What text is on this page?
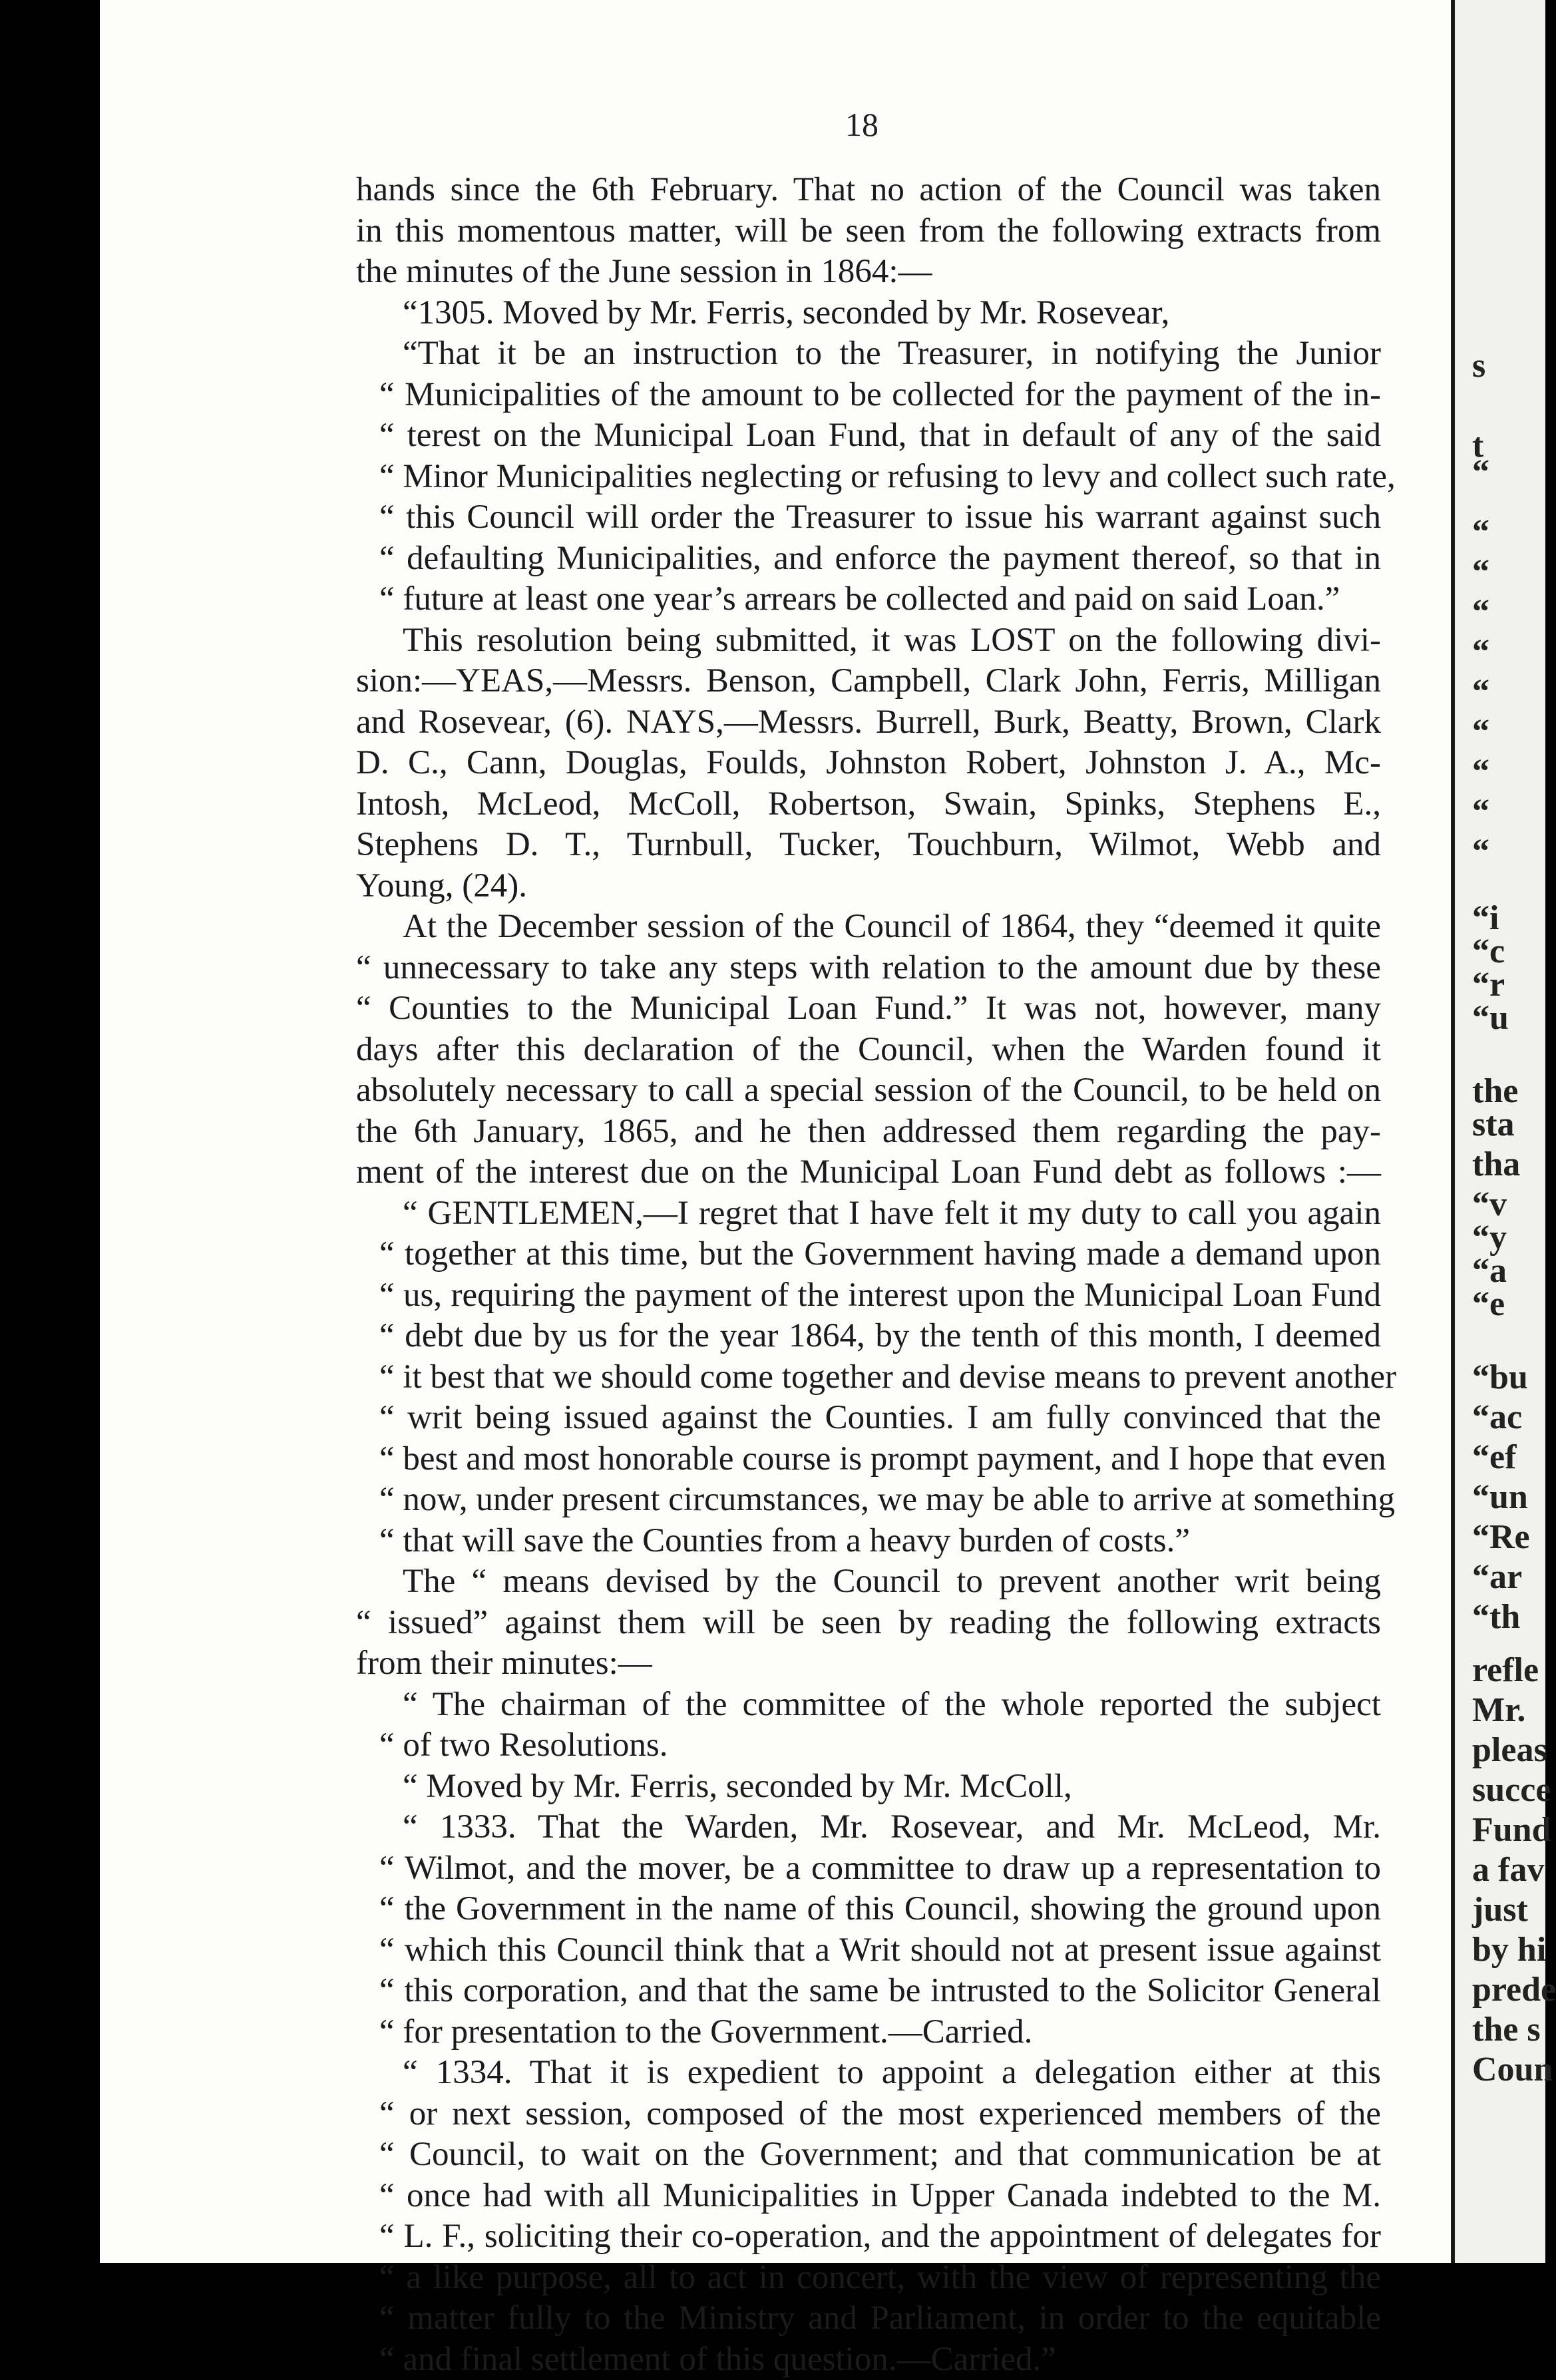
18
hands since the 6th February. That no action of the Council was taken
in this momentous matter, will be seen from the following extracts from
the minutes of the June session in 1864:—
“1305. Moved by Mr. Ferris, seconded by Mr. Rosevear,
“That it be an instruction to the Treasurer, in notifying the Junior
“ Municipalities of the amount to be collected for the payment of the in-
“ terest on the Municipal Loan Fund, that in default of any of the said
“ Minor Municipalities neglecting or refusing to levy and collect such rate,
“ this Council will order the Treasurer to issue his warrant against such
“ defaulting Municipalities, and enforce the payment thereof, so that in
“ future at least one year’s arrears be collected and paid on said Loan.”
This resolution being submitted, it was LOST on the following divi-
sion:—YEAS,—Messrs. Benson, Campbell, Clark John, Ferris, Milligan
and Rosevear, (6). NAYS,—Messrs. Burrell, Burk, Beatty, Brown, Clark
D. C., Cann, Douglas, Foulds, Johnston Robert, Johnston J. A., Mc-
Intosh, McLeod, McColl, Robertson, Swain, Spinks, Stephens E.,
Stephens D. T., Turnbull, Tucker, Touchburn, Wilmot, Webb and
Young, (24).
At the December session of the Council of 1864, they “deemed it quite
“ unnecessary to take any steps with relation to the amount due by these
“ Counties to the Municipal Loan Fund.” It was not, however, many
days after this declaration of the Council, when the Warden found it
absolutely necessary to call a special session of the Council, to be held on
the 6th January, 1865, and he then addressed them regarding the pay-
ment of the interest due on the Municipal Loan Fund debt as follows :—
“ GENTLEMEN,—I regret that I have felt it my duty to call you again
“ together at this time, but the Government having made a demand upon
“ us, requiring the payment of the interest upon the Municipal Loan Fund
“ debt due by us for the year 1864, by the tenth of this month, I deemed
“ it best that we should come together and devise means to prevent another
“ writ being issued against the Counties. I am fully convinced that the
“ best and most honorable course is prompt payment, and I hope that even
“ now, under present circumstances, we may be able to arrive at something
“ that will save the Counties from a heavy burden of costs.”
The “ means devised by the Council to prevent another writ being
“ issued” against them will be seen by reading the following extracts
from their minutes:—
“ The chairman of the committee of the whole reported the subject
“ of two Resolutions.
“ Moved by Mr. Ferris, seconded by Mr. McColl,
“ 1333. That the Warden, Mr. Rosevear, and Mr. McLeod, Mr.
“ Wilmot, and the mover, be a committee to draw up a representation to
“ the Government in the name of this Council, showing the ground upon
“ which this Council think that a Writ should not at present issue against
“ this corporation, and that the same be intrusted to the Solicitor General
“ for presentation to the Government.—Carried.
“ 1334. That it is expedient to appoint a delegation either at this
“ or next session, composed of the most experienced members of the
“ Council, to wait on the Government; and that communication be at
“ once had with all Municipalities in Upper Canada indebted to the M.
“ L. F., soliciting their co-operation, and the appointment of delegates for
“ a like purpose, all to act in concert, with the view of representing the
“ matter fully to the Ministry and Parliament, in order to the equitable
“ and final settlement of this question.—Carried.”
s
t
“
“
“
“
“
“
“
“
“
“
“i
“c
“r
“u
the
sta
tha
“v
“y
“a
“e
“bu
“ac
“ef
“un
“Re
“ar
“th
refle
Mr.
pleas
succe
Fund
a fav
just
by hi
prede
the s
Coun
